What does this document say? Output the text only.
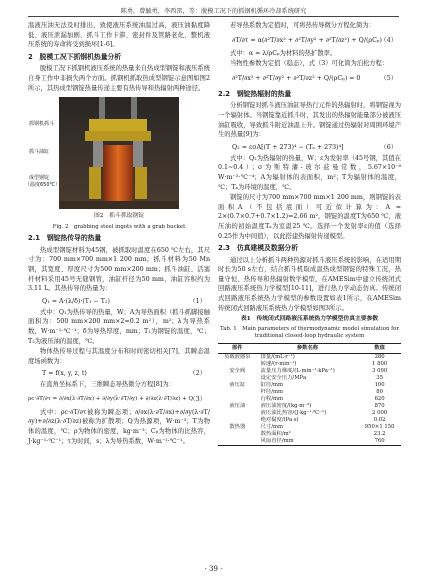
陈勇，曾毓勇，李西雷，等：脱模工况下的抓钢机循环冷却系统研究

温液压油无法及时排出，致使液压系统油温过高，液压油黏度降低、液压泄漏加剧、抓斗工作卡滞、密封件及管路老化、整机液压系统的寿命将受到损坏[1-6]。

2　脱模工况下抓钢机热量分析

脱模工况下抓钢机液压系统的热量来自热成型钢锭和液压系统自身工作中非损失两个方面。抓钢机抓取热成型钢锭示意图如图2所示，其热成型钢锭热量传递主要有热传导和热辐射两种途径。

抓钢机抓斗
抓斗油缸
成型钢锭
（温度650℃）
图2　抓斗抓取钢锭
Fig. 2　grabbing steel ingots with a grab bucket
2.1　钢锭热传导的热量

热成型钢锭材料为45钢，被抓取时温度在650 ℃左右，其尺寸为：700 mm×700 mm×1 200 mm；抓斗材料为50 Mn钢，其宽度、厚度尺寸为500 mm×200 mm；抓斗油缸、活塞杆材料采用45号无缝钢管，油缸杆径为50 mm，油缸容积约为3.11 L。其热传导的热量为：

Q₁ = A·(λ/δ)·(T₁ − T₂)	（1）

式中：Q₁为热传导的热量，W；A为导热面积（抓斗抓脚接触面积为：500 mm×200 mm×2=0.2 m²），m²；λ为导热系数，W·m⁻¹·℃⁻¹；δ为导热厚度，mm；T₁为钢锭的温度，℃；T₂为液压油的温度，℃。

物体热传导过程与其温度分布和时间密切相关[7]，其瞬态温度场函数为：

T = f(x, y, z, t)	（2）

在直角坐标系下，三维瞬态导热微分方程[8]为：

ρc·∂T/∂τ = ∂/∂x(λ·∂T/∂x) + ∂/∂y(λ·∂T/∂y) + ∂/∂z(λ·∂T/∂z) + Q
（3）

式中：ρc·∂T/∂τ被称为瞬态项；∂/∂x(λ·∂T/∂x)+∂/∂y(λ·∂T/∂y)+∂/∂z(λ·∂T/∂z)被称为扩散项；Q为热源项，W·m⁻³；T为物体的温度，℃；ρ为物体的密度，kg·m⁻³；Cₚ为物体的比热容，J·kg⁻¹·℃⁻¹；τ为时间，s；λ为导热系数，W·m⁻¹·℃⁻¹。

若导热系数为定值时，可将热传导微分方程化简为：

∂T/∂τ = α(∂²T/∂x² + ∂²T/∂y² + ∂²T/∂z²) + Q/(ρCₚ)
（4）

式中：α = λ/ρCₚ为材料的热扩散率。

当物性参数为定值（稳态），式（3）可化简为泊松方程：

∂²T/∂x² + ∂²T/∂y² + ∂²T/∂z² + Q/(ρCₚ) = 0	（5）
2.2　钢锭热辐射的热量

分析钢锭对抓斗液压油缸导热行元件的热辐射时，将钢锭视为一个辐射体。当钢锭靠近抓斗时，其发出的热辐射能量部分被液压油缸吸收，导致抓斗附近油温上升。钢锭通过热辐射对周围环境产生的热量[9]为：

Q₂ = εσA[(T + 273)⁴ − (Tₐ + 273)⁴]	（6）

式中：Q₂为热辐射的热量，W；ε为发射率（45号钢，其值在0.1~0.4）；σ为斯特藩-玻尔兹曼常数，5.67×10⁻⁸ W·m⁻²·℃⁻⁴；A为辐射体的表面积，m²；T为辐射体的温度，℃；Tₐ为环境的温度，℃。

钢锭的尺寸为700 mm×700 mm×1 200 mm，则钢锭的表面积A（不包括底面）可近似计算为：A = 2×(0.7×0.7+0.7×1.2)=2.66 m²，钢锭的温度T为650 ℃，液压油的初始温度Tₐ为室温25 ℃。选择一个发射率ε的值（选择0.25作为中间值），以此搭建热辐射传递模型。

2.3　仿真建模及数据分析

通过以上分析抓斗两种热源对抓斗液压系统的影响，在适用期时长为50 s左右，结合抓斗机取成温热成型钢锭的特殊工况，热量守恒、热传导和热辐射数学模型，在AMESim中建立传统闭式回路液压系统热力学模型[10-11]，进行热力学动态仿真。传统闭式回路液压系统热力学模型的参数设置如表1所示，在AMESim传统闭式回路液压系统热力学模型如图3所示。

表1　传统闭式回路液压系统热力学模型仿真主要参数
Tab. 1　Main parameters of thermodynamic model simulation for traditional closed-loop hydraulic system
部件	参数名称	数值
负载液感泵	排量/(mL·r⁻¹)	280
	转速/(r·min⁻¹)	1 800
安全阀	流量压力梯度/(L·min⁻¹·kPa⁻¹)	3 000
	设定安全压力/MPa	35
液压缸	缸径/mm	100
	杆径/mm	80
	行程/mm	620
液压油	液压油密度/(kg·m⁻³)	870
	液压油比热容/(J·kg⁻¹·℃⁻¹)	2 000
	绝对黏度/(Pa·s)	0.02
散热器	尺寸/mm	950×1 150
	散热面积/m²	23.2
	风扇直径/mm	760
· 39 ·
